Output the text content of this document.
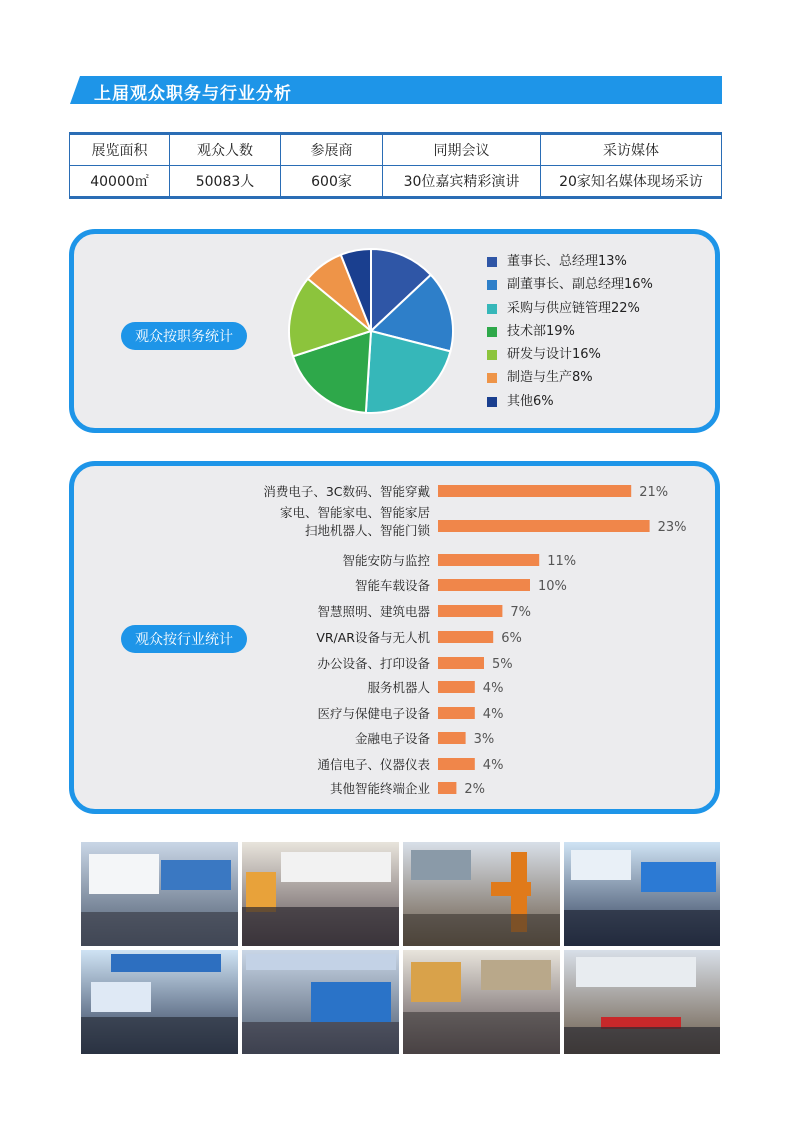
上届观众职务与行业分析
展览面积	观众人数	参展商	同期会议	采访媒体
40000㎡	50083人	600家	30位嘉宾精彩演讲	20家知名媒体现场采访
观众按职务统计
董事长、总经理13%
副董事长、副总经理16%
采购与供应链管理22%
技术部19%
研发与设计16%
制造与生产8%
其他6%
观众按行业统计
21%
消费电子、3C数码、智能穿戴
23%
家电、智能家电、智能家居
扫地机器人、智能门锁
11%
智能安防与监控
10%
智能车载设备
7%
智慧照明、建筑电器
6%
VR/AR设备与无人机
5%
办公设备、打印设备
4%
服务机器人
4%
医疗与保健电子设备
3%
金融电子设备
4%
通信电子、仪器仪表
2%
其他智能终端企业
